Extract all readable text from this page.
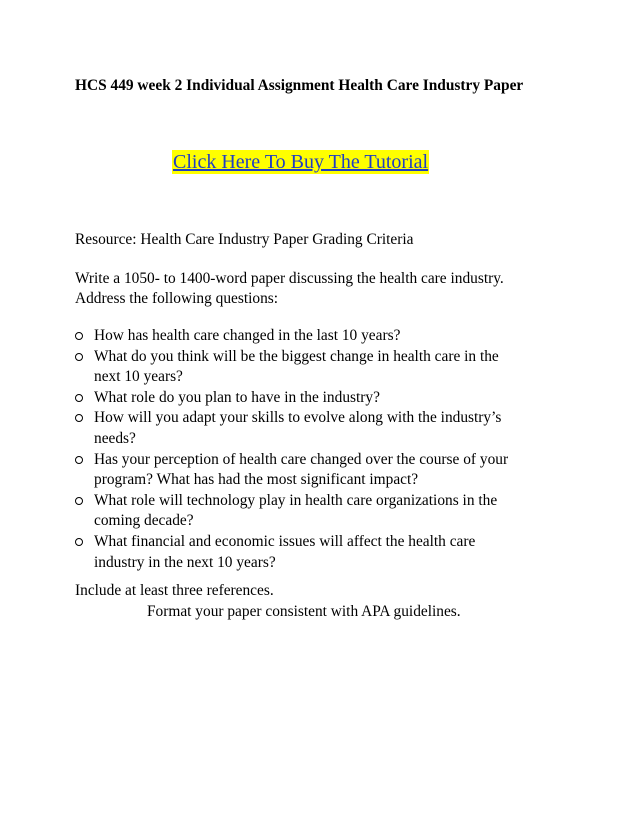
HCS 449 week 2 Individual Assignment Health Care Industry Paper
Click Here To Buy The Tutorial
Resource: Health Care Industry Paper Grading Criteria
Write a 1050- to 1400-word paper discussing the health care industry.
Address the following questions:
How has health care changed in the last 10 years?
What do you think will be the biggest change in health care in the
next 10 years?
What role do you plan to have in the industry?
How will you adapt your skills to evolve along with the industry’s
needs?
Has your perception of health care changed over the course of your
program? What has had the most significant impact?
What role will technology play in health care organizations in the
coming decade?
What financial and economic issues will affect the health care
industry in the next 10 years?
Include at least three references.
Format your paper consistent with APA guidelines.
